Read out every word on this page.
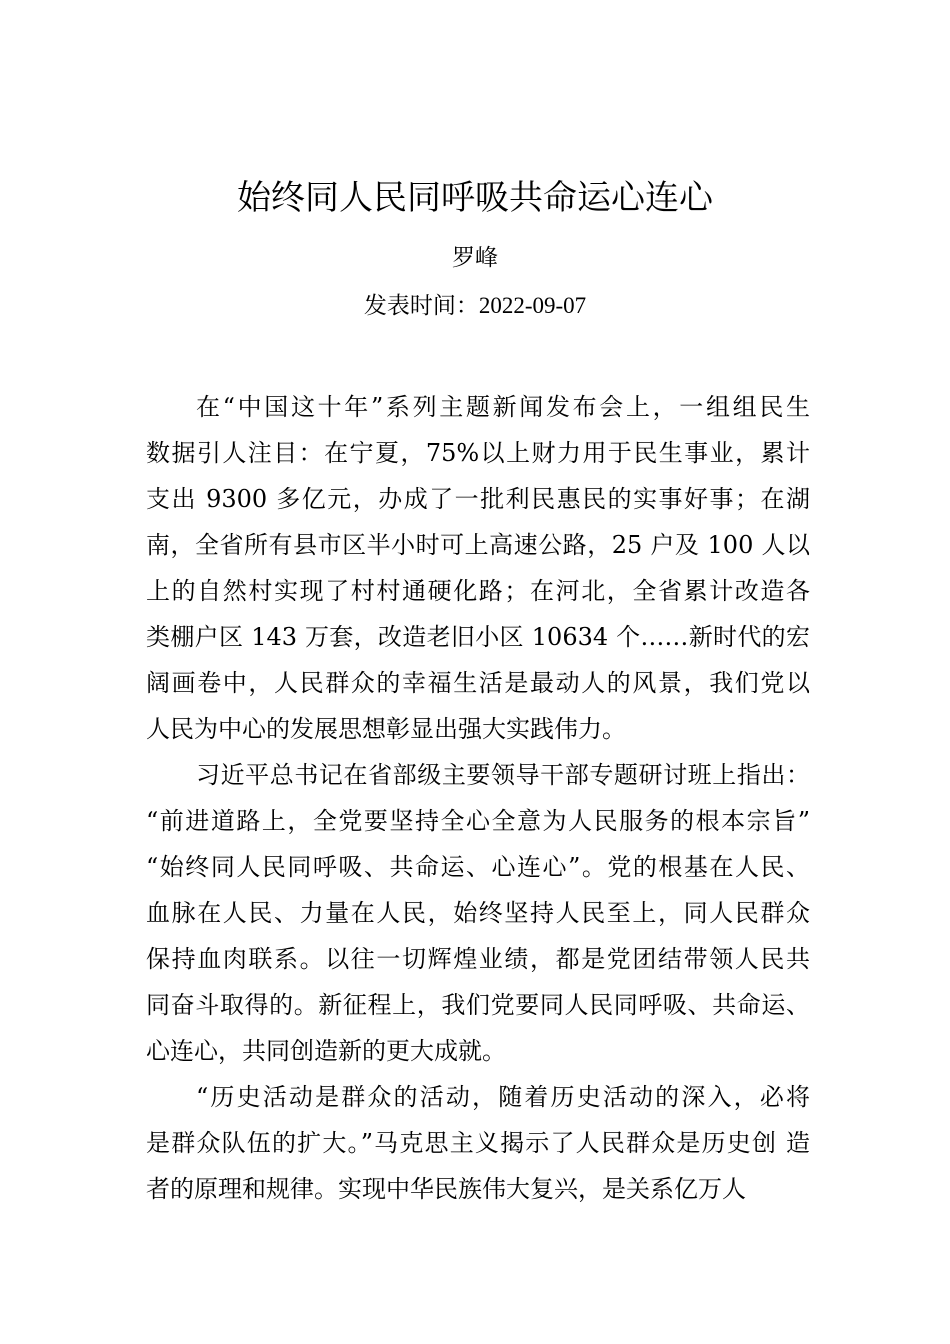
始终同人民同呼吸共命运心连心
罗峰
发表时间：2022-09-07
在“中国这十年”系列主题新闻发布会上，一组组民生
数据引人注目：在宁夏，75%以上财力用于民生事业，累计
支出 9300 多亿元，办成了一批利民惠民的实事好事；在湖
南，全省所有县市区半小时可上高速公路，25 户及 100 人以
上的自然村实现了村村通硬化路；在河北，全省累计改造各
类棚户区 143 万套，改造老旧小区 10634 个……新时代的宏
阔画卷中，人民群众的幸福生活是最动人的风景，我们党以
人民为中心的发展思想彰显出强大实践伟力。
习近平总书记在省部级主要领导干部专题研讨班上指出：
“前进道路上，全党要坚持全心全意为人民服务的根本宗旨”
“始终同人民同呼吸、共命运、心连心”。党的根基在人民、
血脉在人民、力量在人民，始终坚持人民至上，同人民群众
保持血肉联系。以往一切辉煌业绩，都是党团结带领人民共
同奋斗取得的。新征程上，我们党要同人民同呼吸、共命运、
心连心，共同创造新的更大成就。
“历史活动是群众的活动，随着历史活动的深入，必将
是群众队伍的扩大。”马克思主义揭示了人民群众是历史创 造
者的原理和规律。实现中华民族伟大复兴，是关系亿万人
